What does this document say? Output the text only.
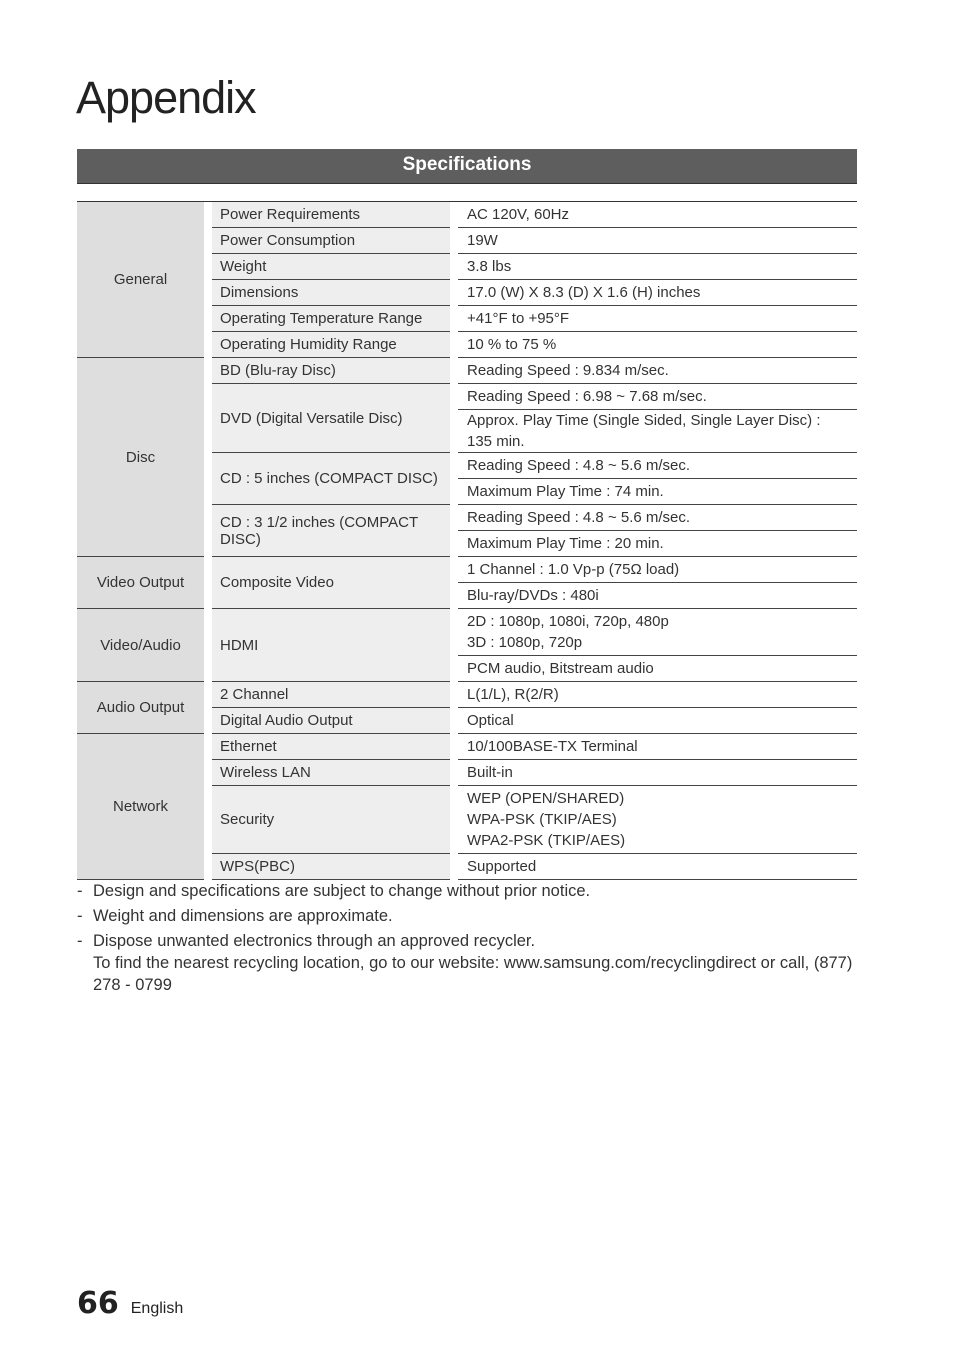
Appendix
Specifications
General		Power Requirements		AC 120V, 60Hz
		Power Consumption		19W
		Weight		3.8 lbs
		Dimensions		17.0 (W) X 8.3 (D) X 1.6 (H) inches
		Operating Temperature Range		+41°F to +95°F
		Operating Humidity Range		10 % to 75 %
Disc		BD (Blu-ray Disc)		Reading Speed : 9.834 m/sec.
		DVD (Digital Versatile Disc)		Reading Speed : 6.98 ~ 7.68 m/sec.
				Approx. Play Time (Single Sided, Single Layer Disc) : 135 min.
		CD : 5 inches (COMPACT DISC)		Reading Speed : 4.8 ~ 5.6 m/sec.
				Maximum Play Time : 74 min.
		CD : 3 1/2 inches (COMPACT DISC)		Reading Speed : 4.8 ~ 5.6 m/sec.
				Maximum Play Time : 20 min.
Video Output		Composite Video		1 Channel : 1.0 Vp-p (75Ω load)
				Blu-ray/DVDs : 480i
Video/Audio		HDMI		2D : 1080p, 1080i, 720p, 480p
3D : 1080p, 720p
				PCM audio, Bitstream audio
Audio Output		2 Channel		L(1/L), R(2/R)
		Digital Audio Output		Optical
Network		Ethernet		10/100BASE-TX Terminal
		Wireless LAN		Built-in
		Security		WEP (OPEN/SHARED)
WPA-PSK (TKIP/AES)
WPA2-PSK (TKIP/AES)
		WPS(PBC)		Supported
- Design and specifications are subject to change without prior notice.
- Weight and dimensions are approximate.
- Dispose unwanted electronics through an approved recycler.
To find the nearest recycling location, go to our website: www.samsung.com/recyclingdirect or call, (877) 278 - 0799
66 English
